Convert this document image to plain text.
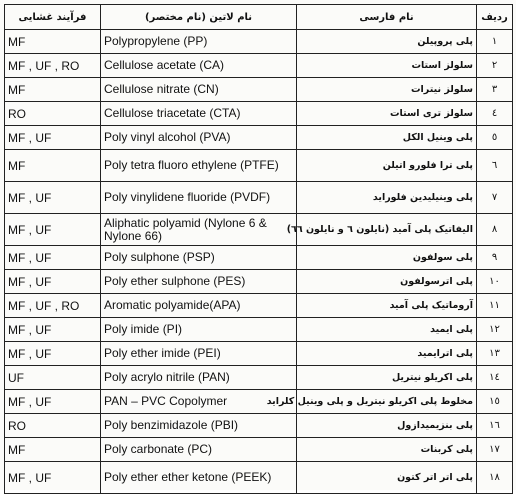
فرآیند غشایی	نام لاتین (نام مختصر)	نام فارسی	ردیف
MF	Polypropylene (PP)	پلی پروپیلن	١
MF , UF , RO	Cellulose acetate (CA)	سلولز استات	٢
MF	Cellulose nitrate (CN)	سلولز نیترات	٣
RO	Cellulose triacetate (CTA)	سلولز تری استات	٤
MF , UF	Poly vinyl alcohol (PVA)	پلی وینیل الکل	٥
MF	Poly tetra fluoro ethylene (PTFE)	پلی ترا فلورو اتیلن	٦
MF , UF	Poly vinylidene fluoride (PVDF)	پلی وینیلیدین فلوراید	٧
MF , UF	Aliphatic polyamid (Nylone 6 & Nylone 66)	الیفاتیک پلی آمید (نایلون ٦ و نایلون ٦٦)	٨
MF , UF	Poly sulphone (PSP)	پلی سولفون	٩
MF , UF	Poly ether sulphone (PES)	پلی اترسولفون	١٠
MF , UF , RO	Aromatic polyamide(APA)	آروماتیک پلی آمید	١١
MF , UF	Poly imide (PI)	پلی ایمید	١٢
MF , UF	Poly ether imide (PEI)	پلی اترایمید	١٣
UF	Poly acrylo nitrile (PAN)	پلی اکریلو نیتریل	١٤
MF , UF	PAN – PVC Copolymer	مخلوط پلی اکریلو نیتریل و پلی وینیل کلراید	١٥
RO	Poly benzimidazole (PBI)	پلی بنزیمیدازول	١٦
MF	Poly carbonate (PC)	پلی کربنات	١٧
MF , UF	Poly ether ether ketone (PEEK)	پلی اتر اتر کتون	١٨
